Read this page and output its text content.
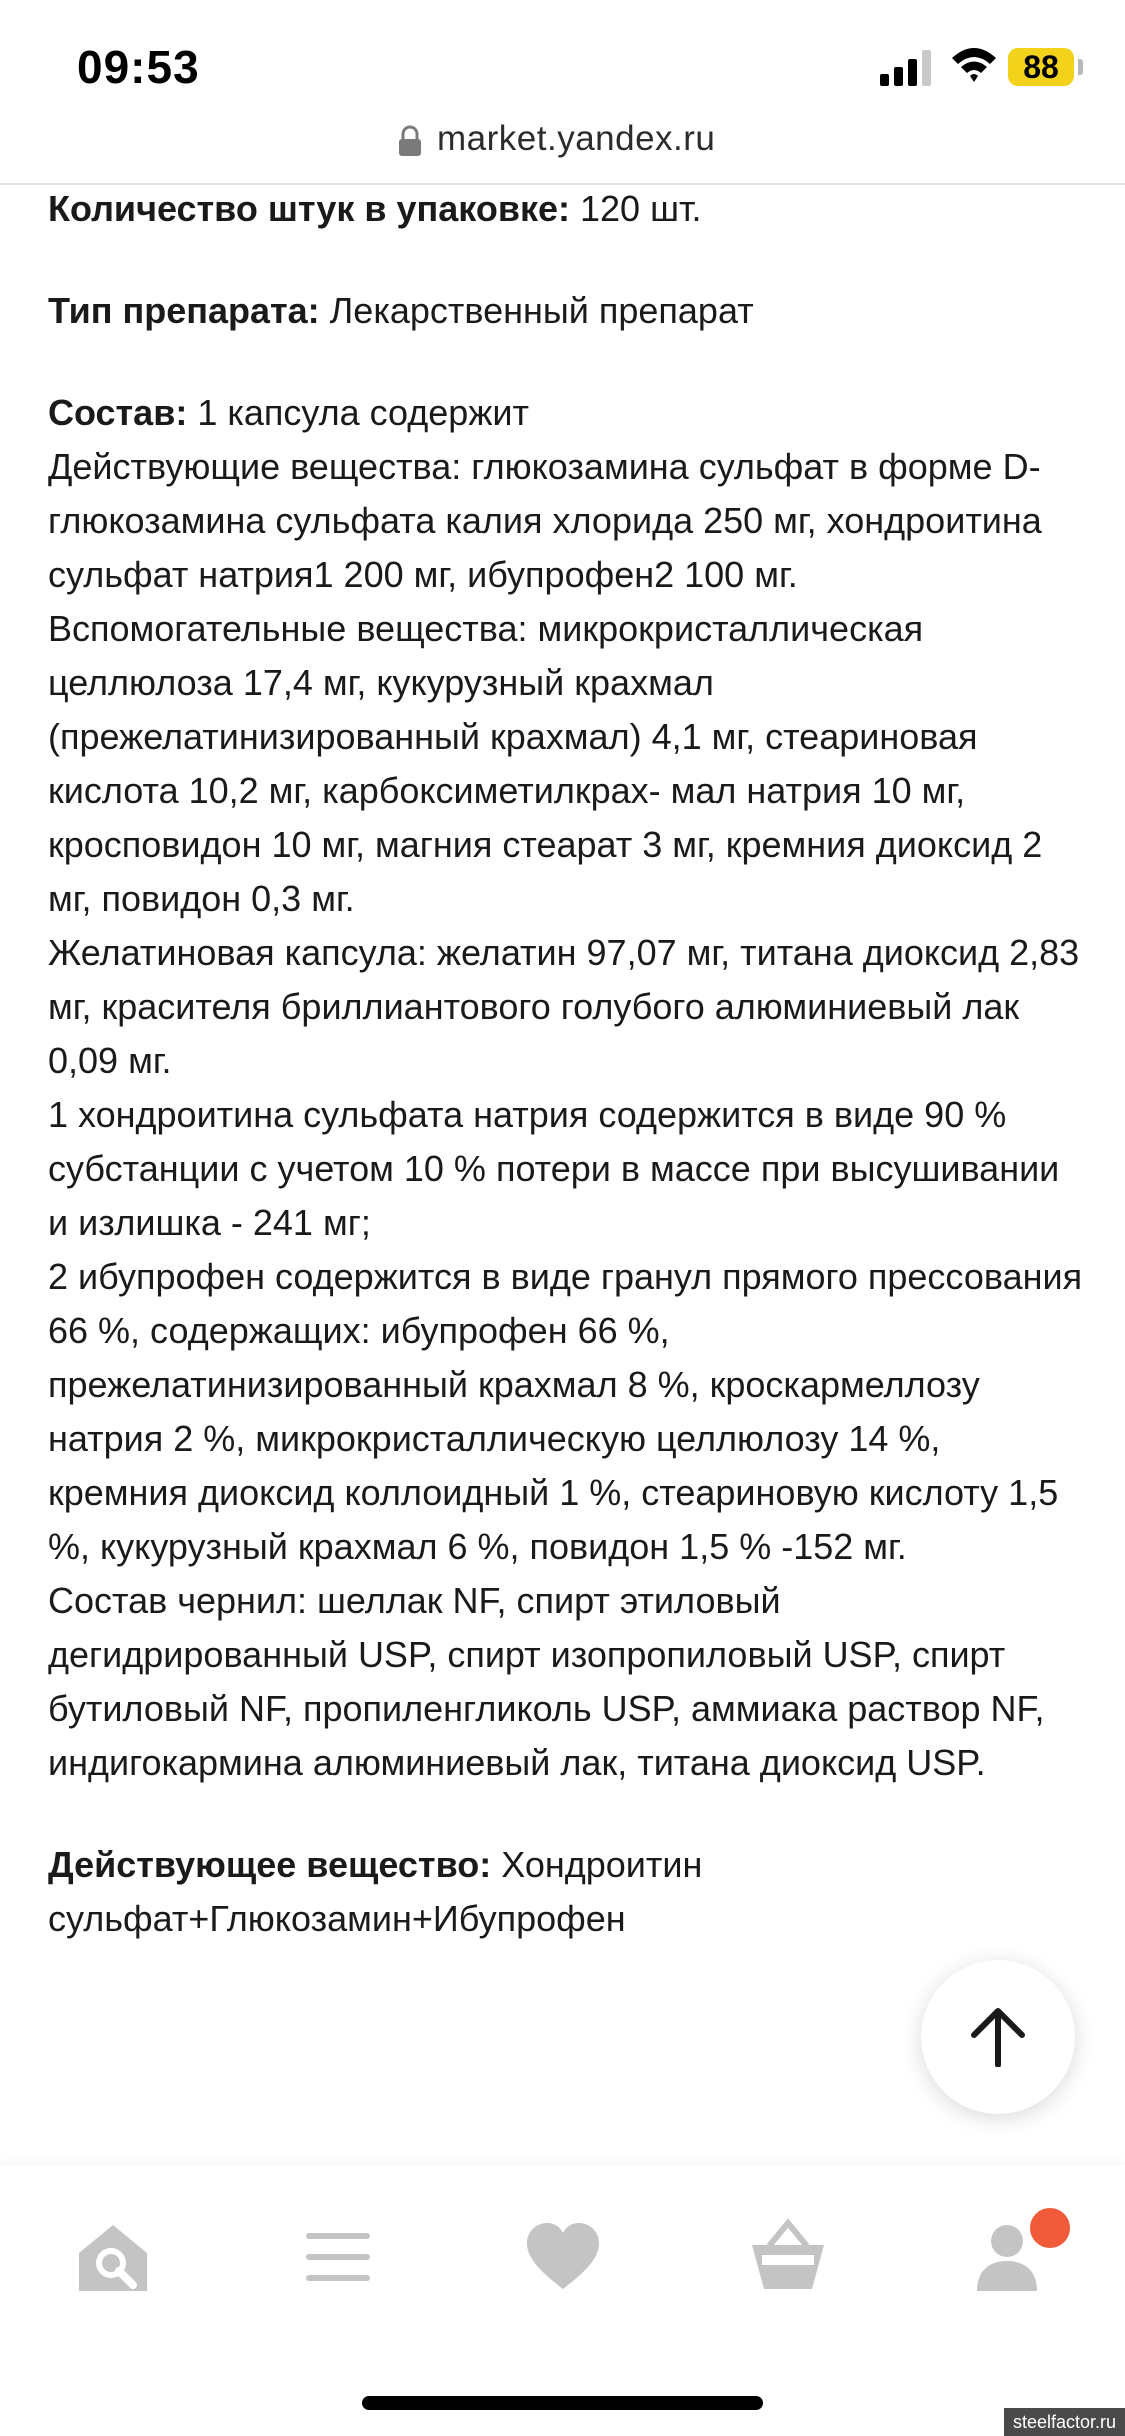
09:53	88
market.yandex.ru

Количество штук в упаковке: 120 шт.

Тип препарата: Лекарственный препарат

Состав: 1 капсула содержит

Действующие вещества: глюкозамина сульфат в форме D-глюкозамина сульфата калия хлорида 250 мг, хондроитина сульфат натрия1 200 мг, ибупрофен2 100 мг.

Вспомогательные вещества: микрокристаллическая целлюлоза 17,4 мг, кукурузный крахмал (прежелатинизированный крахмал) 4,1 мг, стеариновая кислота 10,2 мг, карбоксиметилкрах- мал натрия 10 мг, кросповидон 10 мг, магния стеарат 3 мг, кремния диоксид 2 мг, повидон 0,3 мг.

Желатиновая капсула: желатин 97,07 мг, титана диоксид 2,83 мг, красителя бриллиантового голубого алюминиевый лак 0,09 мг.

1 хондроитина сульфата натрия содержится в виде 90 % субстанции с учетом 10 % потери в массе при высушивании и излишка - 241 мг;

2 ибупрофен содержится в виде гранул прямого прессования 66 %, содержащих: ибупрофен 66 %, прежелатинизированный крахмал 8 %, кроскармеллозу натрия 2 %, микрокристаллическую целлюлозу 14 %, кремния диоксид коллоидный 1 %, стеариновую кислоту 1,5 %, кукурузный крахмал 6 %, повидон 1,5 % -152 мг.

Состав чернил: шеллак NF, спирт этиловый дегидрированный USP, спирт изопропиловый USP, спирт бутиловый NF, пропиленгликоль USP, аммиака раствор NF, индигокармина алюминиевый лак, титана диоксид USP.

Действующее вещество: Хондроитин сульфат+Глюкозамин+Ибупрофен

steelfactor.ru
